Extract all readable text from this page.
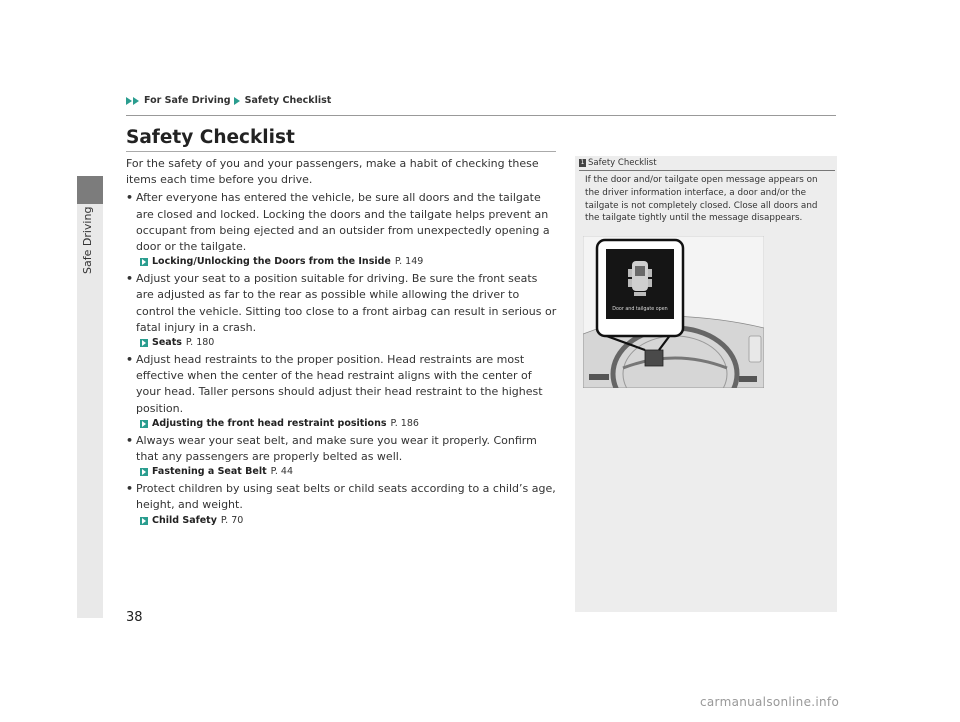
Safe Driving
For Safe Driving Safety Checklist
Safety Checklist

For the safety of you and your passengers, make a habit of checking these items each time before you drive.

• After everyone has entered the vehicle, be sure all doors and the tailgate are closed and locked. Locking the doors and the tailgate helps prevent an occupant from being ejected and an outsider from unexpectedly opening a door or the tailgate.
Locking/Unlocking the Doors from the Inside P. 149
• Adjust your seat to a position suitable for driving. Be sure the front seats are adjusted as far to the rear as possible while allowing the driver to control the vehicle. Sitting too close to a front airbag can result in serious or fatal injury in a crash.
Seats P. 180
• Adjust head restraints to the proper position. Head restraints are most effective when the center of the head restraint aligns with the center of your head. Taller persons should adjust their head restraint to the highest position.
Adjusting the front head restraint positions P. 186
• Always wear your seat belt, and make sure you wear it properly. Confirm that any passengers are properly belted as well.
Fastening a Seat Belt P. 44
• Protect children by using seat belts or child seats according to a child’s age, height, and weight.
Child Safety P. 70
1 Safety Checklist
If the door and/or tailgate open message appears on the driver information interface, a door and/or the tailgate is not completely closed. Close all doors and the tailgate tightly until the message disappears.
Door and tailgate open
38
carmanualsonline.info
